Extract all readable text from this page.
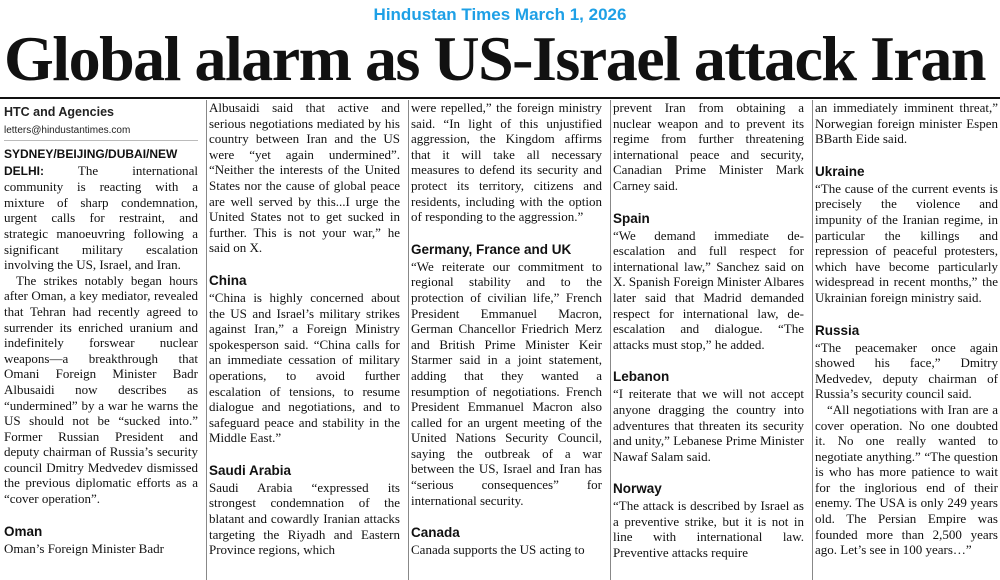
Hindustan Times March 1, 2026
Global alarm as US-Israel attack Iran
HTC and Agencies
letters@hindustantimes.com

SYDNEY/BEIJING/DUBAI/NEW DELHI:	The international community is reacting with a mixture of sharp condemnation, urgent calls for restraint, and strategic manoeuvring following a significant military escalation involving the US, Israel, and Iran.

The strikes notably began hours after Oman, a key mediator, revealed that Tehran had recently agreed to surrender its enriched uranium and indefinitely forswear nuclear weapons—a breakthrough that Omani Foreign Minister Badr Albusaidi now describes as “undermined” by a war he warns the US should not be “sucked into.” Former Russian President and deputy chairman of Russia’s security council Dmitry Medvedev dismissed the previous diplomatic efforts as a “cover operation”.

Oman

Oman’s Foreign Minister Badr

Albusaidi said that active and serious negotiations mediated by his country between Iran and the US were “yet again undermined”. “Neither the interests of the United States nor the cause of global peace are well served by this...I urge the United States not to get sucked in further. This is not your war,” he said on X.

China

“China is highly concerned about the US and Israel’s military strikes against Iran,” a Foreign Ministry spokesperson said. “China calls for an immediate cessation of military operations, to avoid further escalation of tensions, to resume dialogue and negotiations, and to safeguard peace and stability in the Middle East.”

Saudi Arabia

Saudi Arabia “expressed its strongest condemnation of the blatant and cowardly Iranian attacks targeting the Riyadh and Eastern Province regions, which

were repelled,” the foreign ministry said. “In light of this unjustified aggression, the Kingdom affirms that it will take all necessary measures to defend its security and protect its territory, citizens and residents, including with the option of responding to the aggression.”

Germany, France and UK

“We reiterate our commitment to regional stability and to the protection of civilian life,” French President Emmanuel Macron, German Chancellor Friedrich Merz and British Prime Minister Keir Starmer said in a joint statement, adding that they wanted a resumption of negotiations. French President Emmanuel Macron also called for an urgent meeting of the United Nations Security Council, saying the outbreak of a war between the US, Israel and Iran has “serious consequences” for international security.

Canada

Canada supports the US acting to

prevent Iran from obtaining a nuclear weapon and to prevent its regime from further threatening international peace and security, Canadian Prime Minister Mark Carney said.

Spain

“We demand immediate de-escalation and full respect for international law,” Sanchez said on X. Spanish Foreign Minister Albares later said that Madrid demanded respect for international law, de-escalation and dialogue. “The attacks must stop,” he added.

Lebanon

“I reiterate that we will not accept anyone dragging the country into adventures that threaten its security and unity,” Lebanese Prime Minister Nawaf Salam said.

Norway

“The attack is described by Israel as a preventive strike, but it is not in line with international law. Preventive attacks require

an immediately imminent threat,” Norwegian foreign minister Espen BBarth Eide said.

Ukraine

“The cause of the current events is precisely the violence and impunity of the Iranian regime, in particular the killings and repression of peaceful protesters, which have become particularly widespread in recent months,” the Ukrainian foreign ministry said.

Russia

“The peacemaker once again showed his face,” Dmitry Medvedev, deputy chairman of Russia’s security council said.

“All negotiations with Iran are a cover operation. No one doubted it. No one really wanted to negotiate anything.” “The question is who has more patience to wait for the inglorious end of their enemy. The USA is only 249 years old. The Persian Empire was founded more than 2,500 years ago. Let’s see in 100 years…”
